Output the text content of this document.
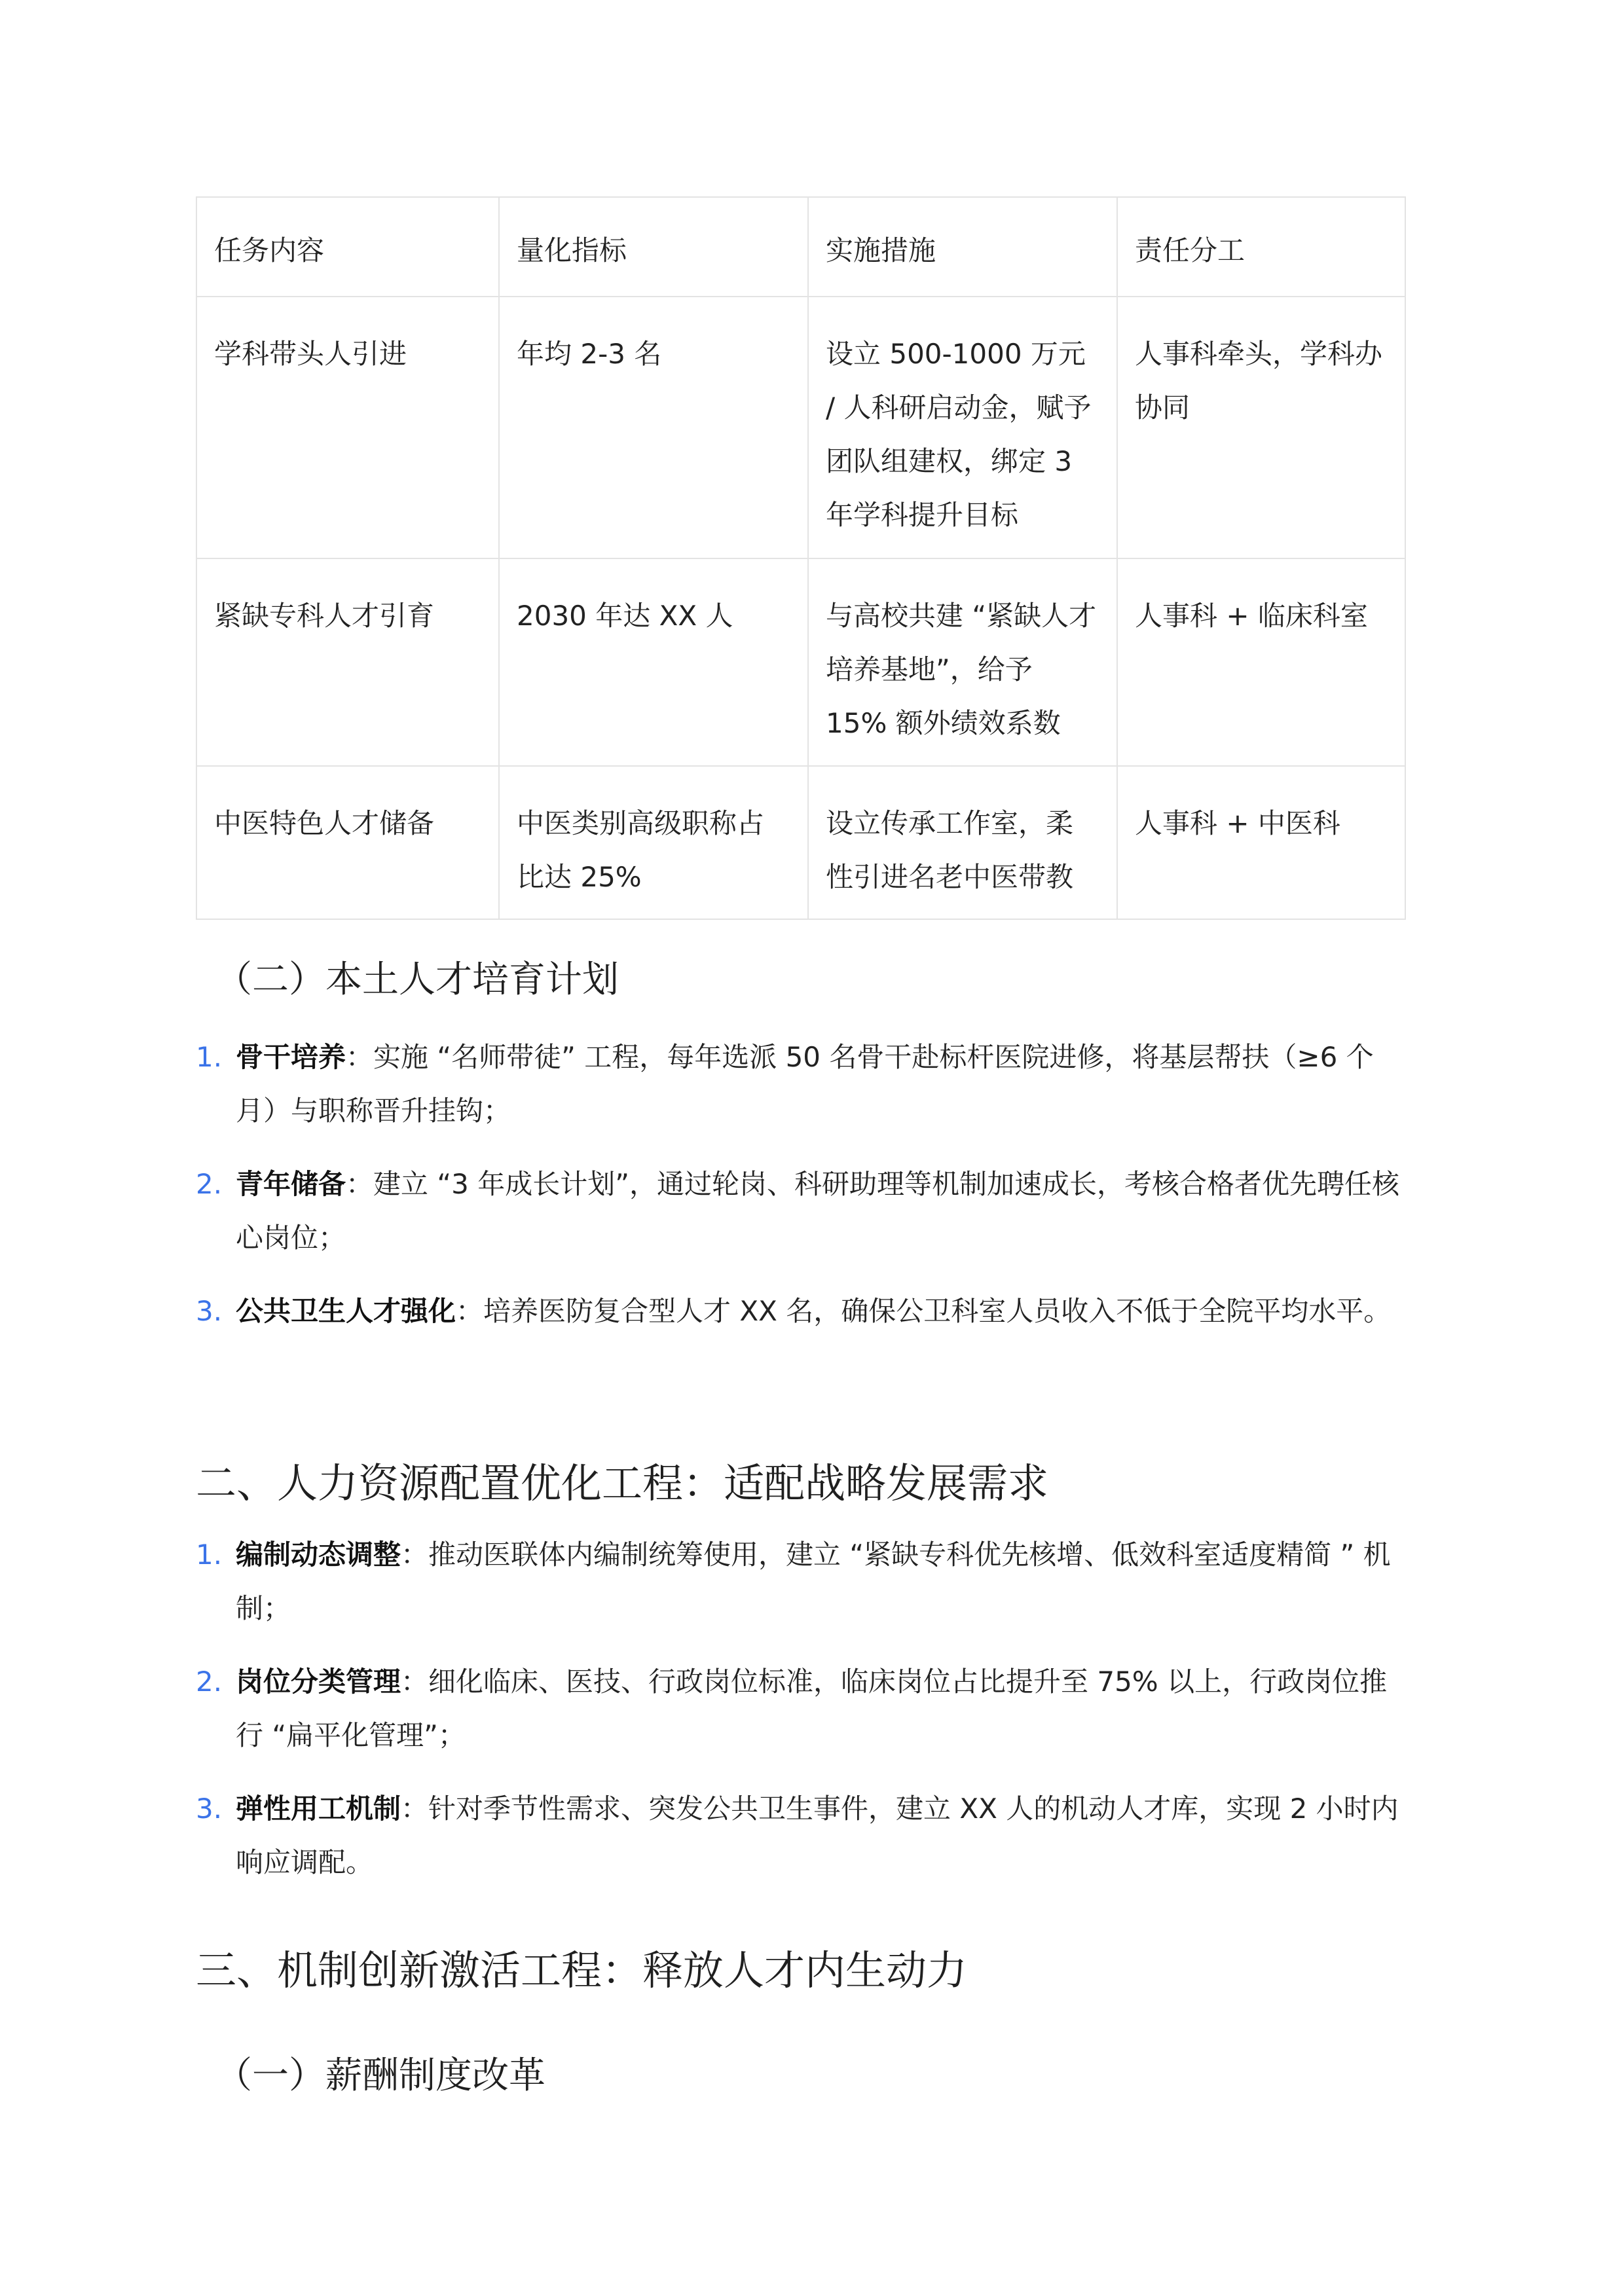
任务内容	量化指标	实施措施	责任分工
学科带头人引进	年均 2-3 名	设立 500-1000 万元 / 人科研启动金，赋予团队组建权，绑定 3 年学科提升目标	人事科牵头，学科办协同
紧缺专科人才引育	2030 年达 XX 人	与高校共建 “紧缺人才培养基地”，给予 15% 额外绩效系数	人事科 + 临床科室
中医特色人才储备	中医类别高级职称占比达 25%	设立传承工作室，柔性引进名老中医带教	人事科 + 中医科
（二）本土人才培育计划
1. 骨干培养：实施 “名师带徒” 工程，每年选派 50 名骨干赴标杆医院进修，将基层帮扶（≥6 个月）与职称晋升挂钩；
2. 青年储备：建立 “3 年成长计划”，通过轮岗、科研助理等机制加速成长，考核合格者优先聘任核心岗位；
3. 公共卫生人才强化：培养医防复合型人才 XX 名，确保公卫科室人员收入不低于全院平均水平。
二、人力资源配置优化工程：适配战略发展需求
1. 编制动态调整：推动医联体内编制统筹使用，建立 “紧缺专科优先核增、低效科室适度精简 ” 机制；
2. 岗位分类管理：细化临床、医技、行政岗位标准，临床岗位占比提升至 75% 以上，行政岗位推行 “扁平化管理”；
3. 弹性用工机制：针对季节性需求、突发公共卫生事件，建立 XX 人的机动人才库，实现 2 小时内响应调配。
三、机制创新激活工程：释放人才内生动力
（一）薪酬制度改革
